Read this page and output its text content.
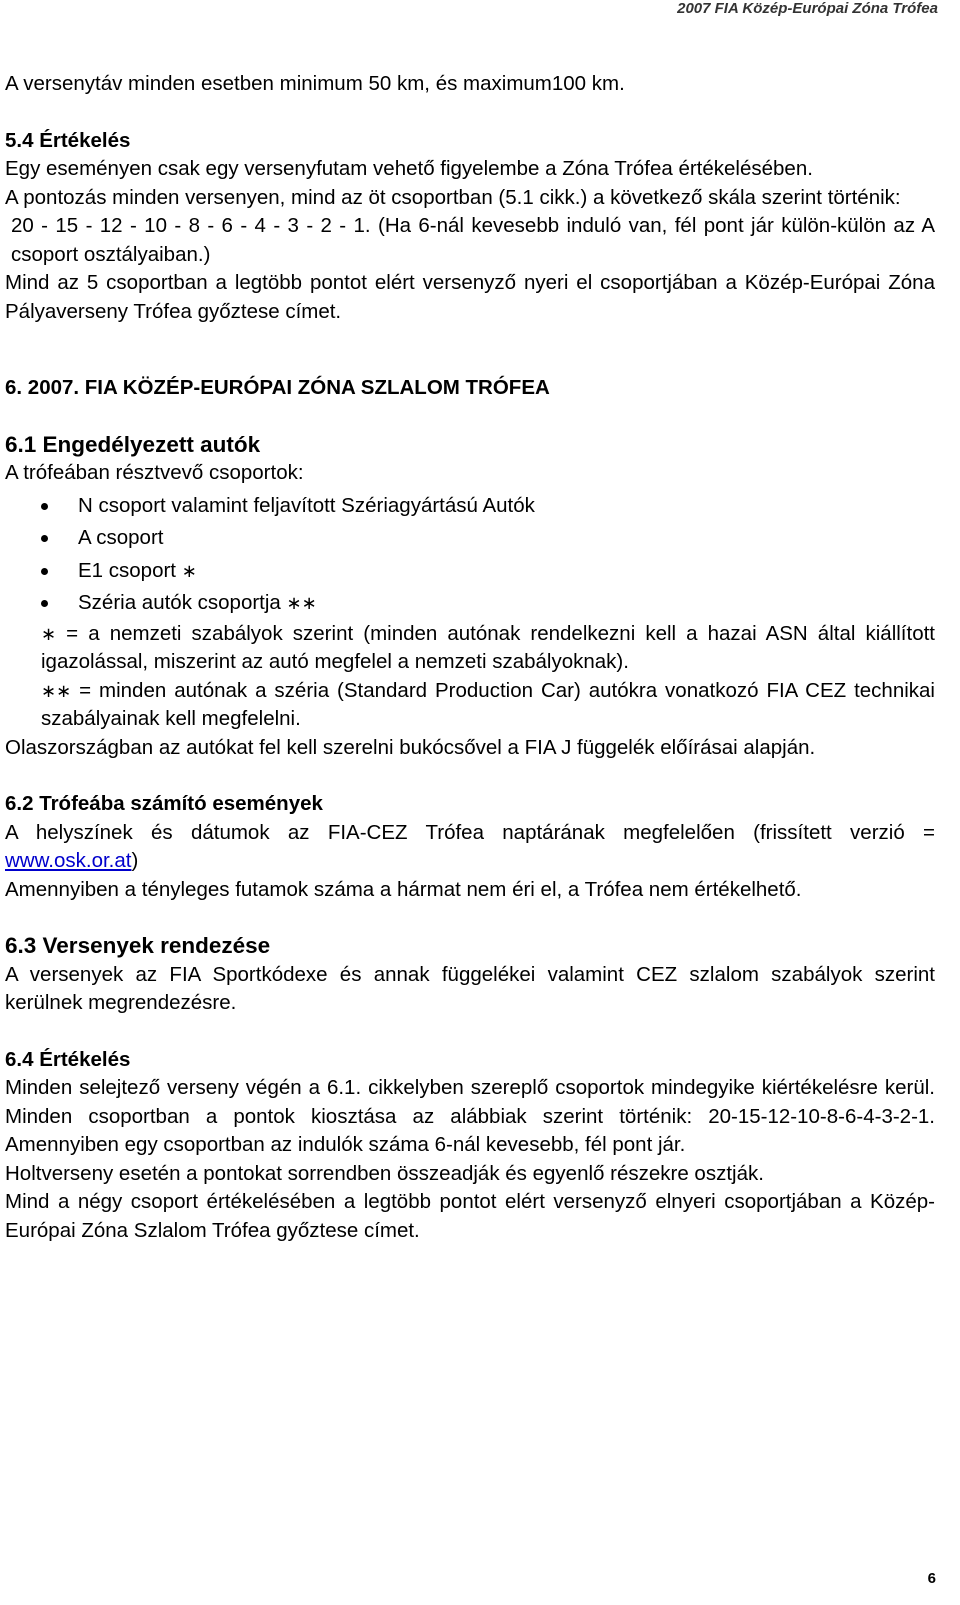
2007 FIA Közép-Európai Zóna Trófea

A versenytáv minden esetben minimum 50 km, és maximum100 km.

5.4 Értékelés

Egy eseményen csak egy versenyfutam vehető figyelembe a Zóna Trófea értékelésében.

A pontozás minden versenyen, mind az öt csoportban (5.1 cikk.) a következő skála szerint történik:

20 - 15 - 12 - 10 - 8 - 6 - 4 - 3 - 2 - 1. (Ha 6-nál kevesebb induló van, fél pont jár külön-külön az A csoport osztályaiban.)

Mind az 5 csoportban a legtöbb pontot elért versenyző nyeri el csoportjában a Közép-Európai Zóna Pályaverseny Trófea győztese címet.

6. 2007. FIA KÖZÉP-EURÓPAI ZÓNA SZLALOM TRÓFEA

6.1 Engedélyezett autók

A trófeában résztvevő csoportok:

N csoport valamint feljavított Szériagyártású Autók
A csoport
E1 csoport ∗
Széria autók csoportja ∗∗

∗ = a nemzeti szabályok szerint (minden autónak rendelkezni kell a hazai ASN által kiállított igazolással, miszerint az autó megfelel a nemzeti szabályoknak).

∗∗ = minden autónak a széria (Standard Production Car) autókra vonatkozó FIA CEZ technikai szabályainak kell megfelelni.

Olaszországban az autókat fel kell szerelni bukócsővel a FIA J függelék előírásai alapján.

6.2 Trófeába számító események

A helyszínek és dátumok az FIA-CEZ Trófea naptárának megfelelően (frissített verzió = www.osk.or.at)

Amennyiben a tényleges futamok száma a hármat nem éri el, a Trófea nem értékelhető.

6.3 Versenyek rendezése

A versenyek az FIA Sportkódexe és annak függelékei valamint CEZ szlalom szabályok szerint kerülnek megrendezésre.

6.4 Értékelés

Minden selejtező verseny végén a 6.1. cikkelyben szereplő csoportok mindegyike kiértékelésre kerül. Minden csoportban a pontok kiosztása az alábbiak szerint történik: 20-15-12-10-8-6-4-3-2-1. Amennyiben egy csoportban az indulók száma 6-nál kevesebb, fél pont jár.

Holtverseny esetén a pontokat sorrendben összeadják és egyenlő részekre osztják.

Mind a négy csoport értékelésében a legtöbb pontot elért versenyző elnyeri csoportjában a Közép-Európai Zóna Szlalom Trófea győztese címet.

6
